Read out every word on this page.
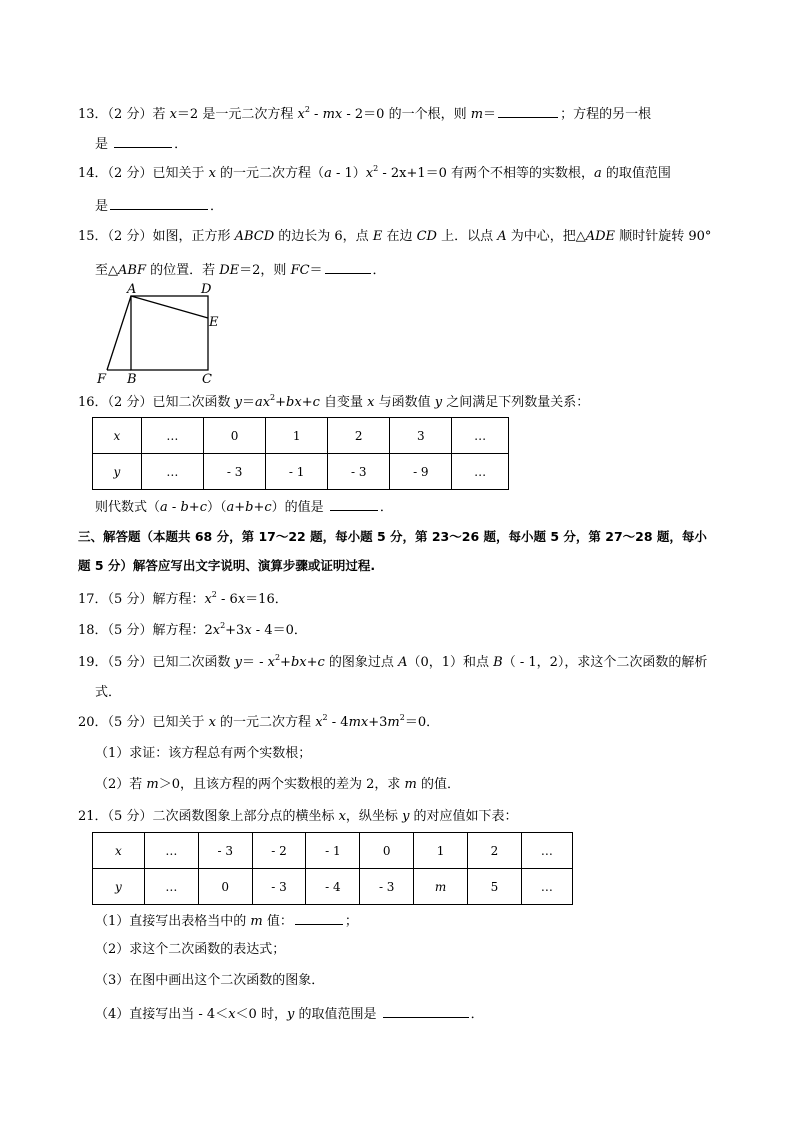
13．（2 分）若 x＝2 是一元二次方程 $x^2$ - mx - 2＝0 的一个根，则 m＝	；方程的另一根
是	．
14．（2 分）已知关于 x 的一元二次方程$(a - 1)x^2 - 2x+1=0$ 有两个不相等的实数根，a 的取值范围
是	．
15．（2 分）如图，正方形 ABCD 的边长为 6，点 E 在边 CD 上．以点 A 为中心，把△ADE 顺时针旋转 90°
至△ABF 的位置．若 DE＝2，则 FC＝	．
A	D
E
F B	C
16．（2 分）已知二次函数 $y=ax^2+bx+c$ 自变量 x 与函数值 y 之间满足下列数量关系：
x	…	0	1	2	3	…
y	…	- 3	- 1	- 3	- 9	…
则代数式（a - b+c）（a+b+c）的值是	．
三、解答题（本题共 68 分，第 17～22 题，每小题 5 分，第 23～26 题，每小题 5 分，第 27～28 题，每小
题 5 分）解答应写出文字说明、演算步骤或证明过程.
17．（5 分）解方程：$x^2 - 6x=16$．
18．（5 分）解方程：$2x^2+3x - 4=0$．
19．（5 分）已知二次函数 $y= - x^2+bx+c$ 的图象过点 A（0，1）和点 B（ - 1，2），求这个二次函数的解析
式．
20．（5 分）已知关于 x 的一元二次方程 $x^2 - 4mx+3m^2=0$．
（1）求证：该方程总有两个实数根；
（2）若 m＞0，且该方程的两个实数根的差为 2，求 m 的值．
21．（5 分）二次函数图象上部分点的横坐标 x，纵坐标 y 的对应值如下表：
x	…	- 3	- 2	- 1	0	1	2	…
y	…	0	- 3	- 4	- 3	m	5	…
（1）直接写出表格当中的 m 值：	；
（2）求这个二次函数的表达式；
（3）在图中画出这个二次函数的图象．
（4）直接写出当 - 4＜x＜0 时，y 的取值范围是	．
